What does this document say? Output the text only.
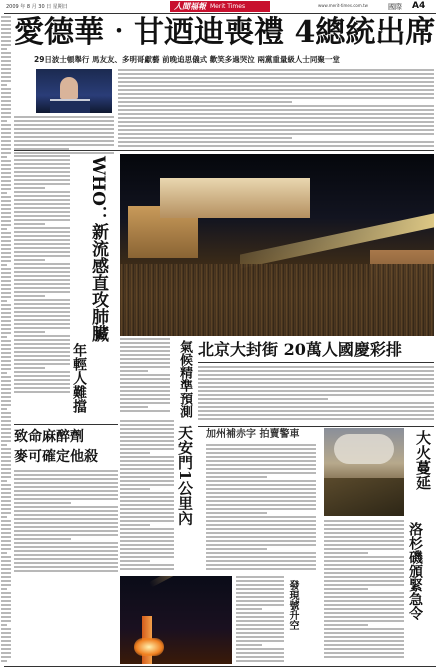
2009 年 8 月 30 日 星期日	人間福報 Merit Times	www.merit-times.com.tw	國際 A4
愛德華‧甘迺迪喪禮 4總統出席
29日波士頓舉行 馬友友、多明哥獻藝 前晚追思儀式 歡笑多過哭泣 兩黨重量級人士同聚一堂
WHO：新流感直攻肺臟
年輕人難擋
致命麻醉劑
麥可確定他殺
北京大封街 20萬人國慶彩排
氣候精準預測
天安門1公里內 加州補赤字 拍賣警車	大火蔓延
洛杉磯頒緊急令
發現號升空
